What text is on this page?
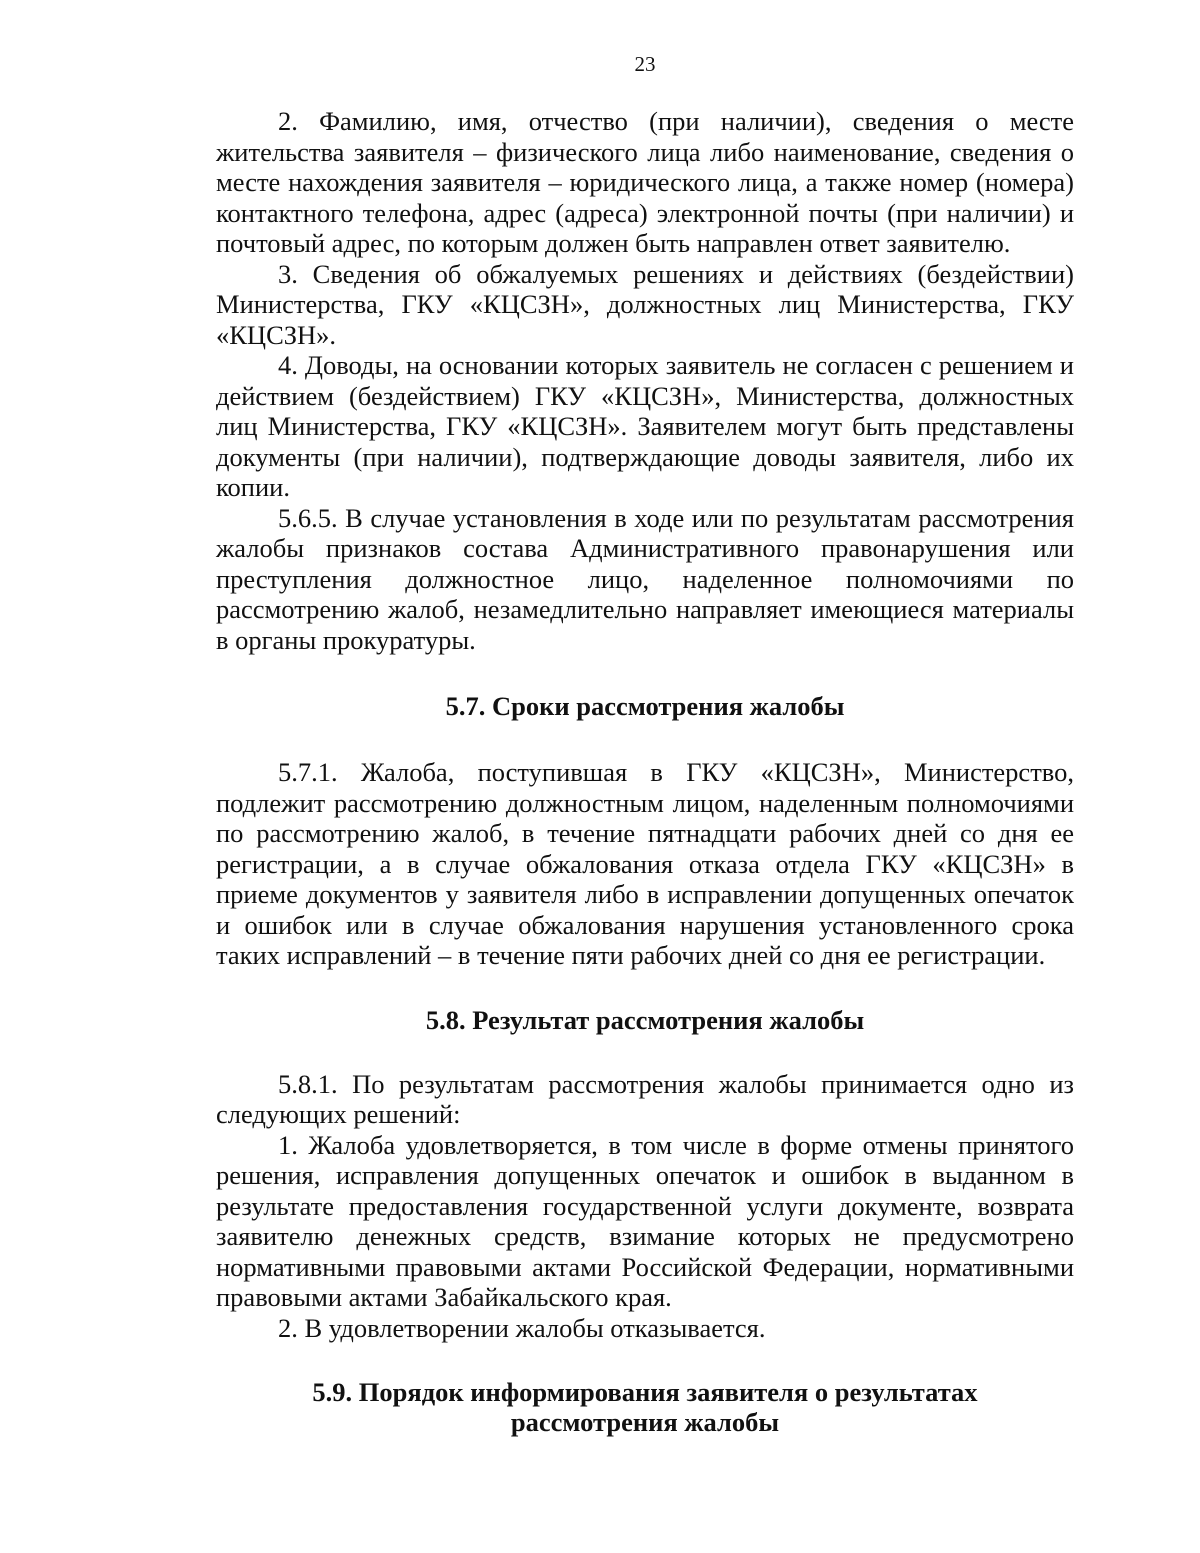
23

2. Фамилию, имя, отчество (при наличии), сведения о месте жительства заявителя – физического лица либо наименование, сведения о месте нахождения заявителя – юридического лица, а также номер (номера) контактного телефона, адрес (адреса) электронной почты (при наличии) и почтовый адрес, по которым должен быть направлен ответ заявителю.

3. Сведения об обжалуемых решениях и действиях (бездействии) Министерства, ГКУ «КЦСЗН», должностных лиц Министерства, ГКУ «КЦСЗН».

4. Доводы, на основании которых заявитель не согласен с решением и действием (бездействием) ГКУ «КЦСЗН», Министерства, должностных лиц Министерства, ГКУ «КЦСЗН». Заявителем могут быть представлены документы (при наличии), подтверждающие доводы заявителя, либо их копии.

5.6.5. В случае установления в ходе или по результатам рассмотрения жалобы признаков состава Административного правонарушения или преступления должностное лицо, наделенное полномочиями по рассмотрению жалоб, незамедлительно направляет имеющиеся материалы в органы прокуратуры.

5.7. Сроки рассмотрения жалобы

5.7.1. Жалоба, поступившая в ГКУ «КЦСЗН», Министерство, подлежит рассмотрению должностным лицом, наделенным полномочиями по рассмотрению жалоб, в течение пятнадцати рабочих дней со дня ее регистрации, а в случае обжалования отказа отдела ГКУ «КЦСЗН» в приеме документов у заявителя либо в исправлении допущенных опечаток и ошибок или в случае обжалования нарушения установленного срока таких исправлений – в течение пяти рабочих дней со дня ее регистрации.

5.8. Результат рассмотрения жалобы

5.8.1. По результатам рассмотрения жалобы принимается одно из следующих решений:

1. Жалоба удовлетворяется, в том числе в форме отмены принятого решения, исправления допущенных опечаток и ошибок в выданном в результате предоставления государственной услуги документе, возврата заявителю денежных средств, взимание которых не предусмотрено нормативными правовыми актами Российской Федерации, нормативными правовыми актами Забайкальского края.

2. В удовлетворении жалобы отказывается.

5.9. Порядок информирования заявителя о результатах
рассмотрения жалобы
